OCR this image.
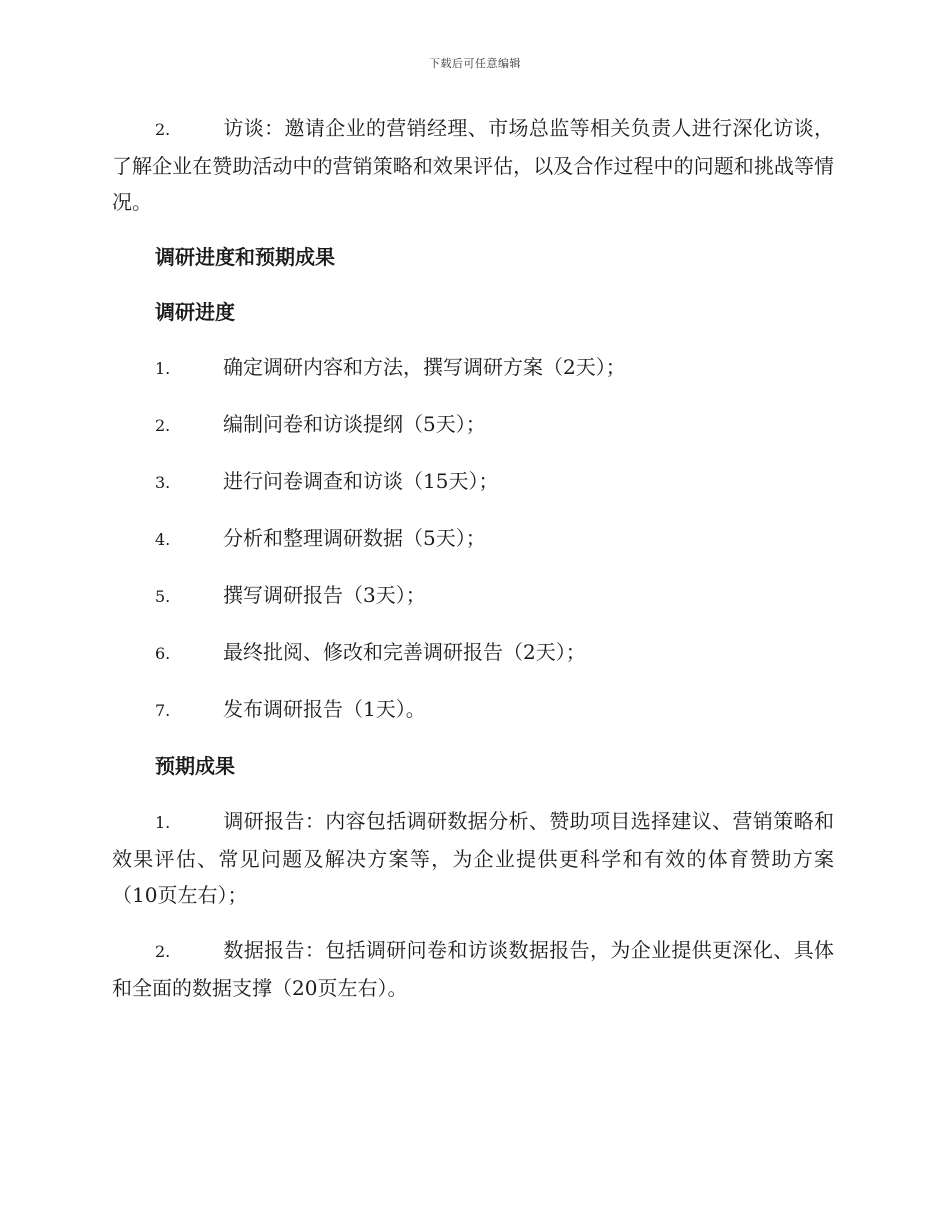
下载后可任意编辑

2.	访谈：邀请企业的营销经理、市场总监等相关负责人进行深化访谈，了解企业在赞助活动中的营销策略和效果评估，以及合作过程中的问题和挑战等情况。

调研进度和预期成果
调研进度
1.	确定调研内容和方法，撰写调研方案（2天）；
2.	编制问卷和访谈提纲（5天）；
3.	进行问卷调查和访谈（15天）；
4.	分析和整理调研数据（5天）；
5.	撰写调研报告（3天）；
6.	最终批阅、修改和完善调研报告（2天）；
7.	发布调研报告（1天）。
预期成果

1.	调研报告：内容包括调研数据分析、赞助项目选择建议、营销策略和效果评估、常见问题及解决方案等，为企业提供更科学和有效的体育赞助方案（10页左右）；

2.	数据报告：包括调研问卷和访谈数据报告，为企业提供更深化、具体和全面的数据支撑（20页左右）。
